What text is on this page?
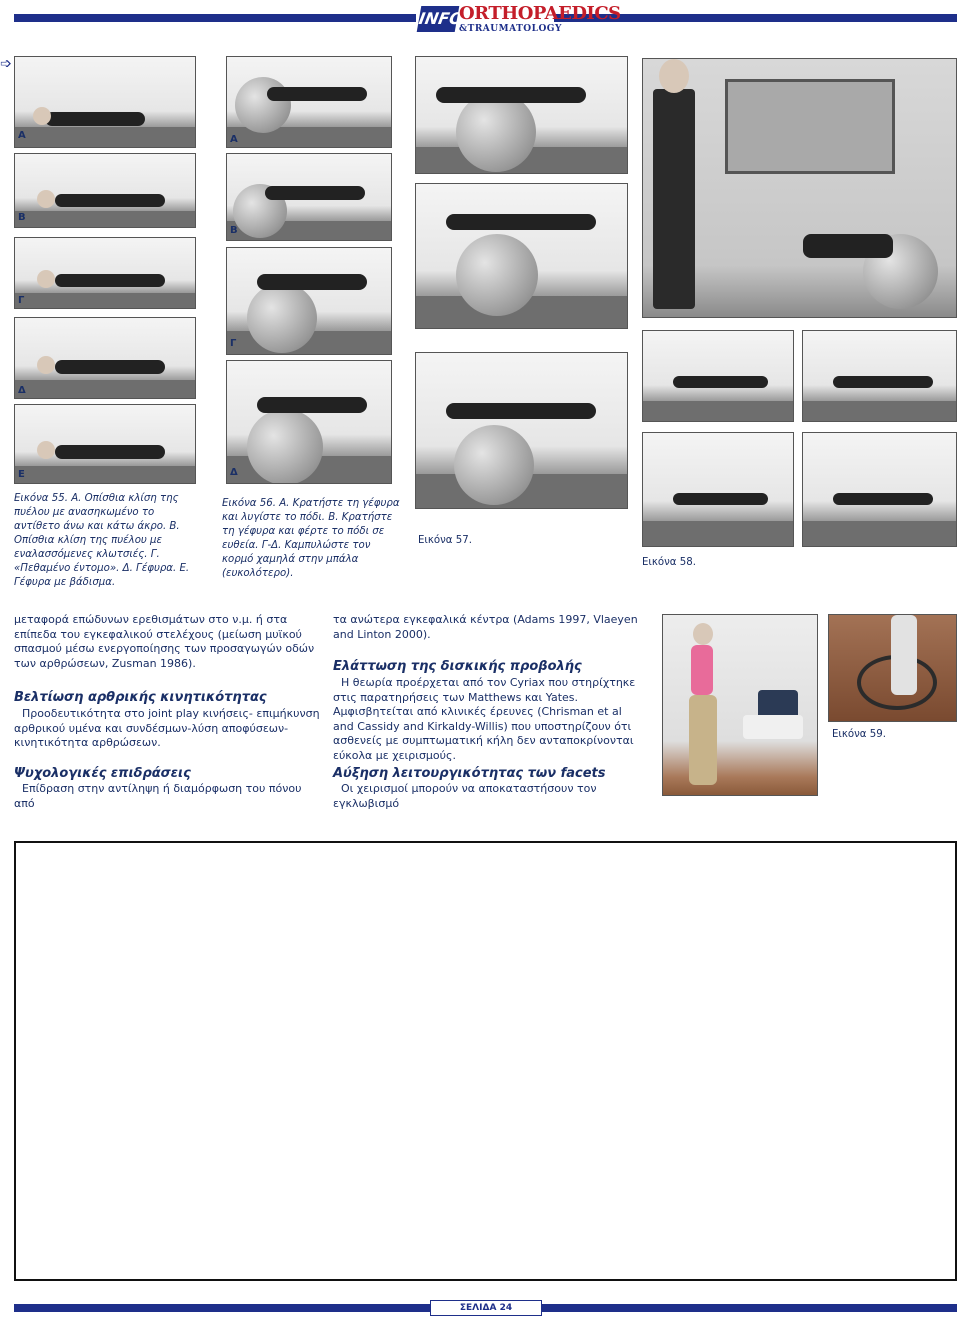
INFO
ORTHOPAEDICS
&TRAUMATOLOGY
➩
A
B
Γ
Δ
E
Εικόνα 55. Α. Οπίσθια κλίση της πυέλου με ανασηκωμένο το αντίθετο άνω και κάτω άκρο. Β. Οπίσθια κλίση της πυέλου με εναλασσόμενες κλωτσιές. Γ. «Πεθαμένο έντομο». Δ. Γέφυρα. Ε. Γέφυρα με βάδισμα.
A
B
Γ
Δ
Εικόνα 56. Α. Κρατήστε τη γέφυρα και λυγίστε το πόδι. Β. Κρατήστε τη γέφυρα και φέρτε το πόδι σε ευθεία. Γ-Δ. Καμπυλώστε τον κορμό χαμηλά στην μπάλα (ευκολότερο).
Εικόνα 57.
Εικόνα 58.
μεταφορά επώδυνων ερεθισμάτων στο ν.μ. ή στα επίπεδα του εγκεφαλικού στελέχους (μείωση μυϊκού σπασμού μέσω ενεργοποίησης των προσαγωγών οδών των αρθρώσεων, Zusman 1986).
Βελτίωση αρθρικής κινητικότητας
Προοδευτικότητα στο joint play κινήσεις- επιμήκυνση αρθρικού υμένα και συνδέσμων-λύση αποφύσεων-κινητικότητα αρθρώσεων.
Ψυχολογικές επιδράσεις
Επίδραση στην αντίληψη ή διαμόρφωση του πόνου από
τα ανώτερα εγκεφαλικά κέντρα (Adams 1997, Vlaeyen and Linton 2000).
Ελάττωση της δισκικής προβολής
Η θεωρία προέρχεται από τον Cyriax που στηρίχτηκε στις παρατηρήσεις των Matthews και Yates. Αμφισβητείται από κλινικές έρευνες (Chrisman et al and Cassidy and Kirkaldy-Willis) που υποστηρίζουν ότι ασθενείς με συμπτωματική κήλη δεν ανταποκρίνονται εύκολα με χειρισμούς.
Αύξηση λειτουργικότητας των facets
Οι χειρισμοί μπορούν να αποκαταστήσουν τον εγκλωβισμό
Εικόνα 59.
ΣΕΛΙΔΑ 24
